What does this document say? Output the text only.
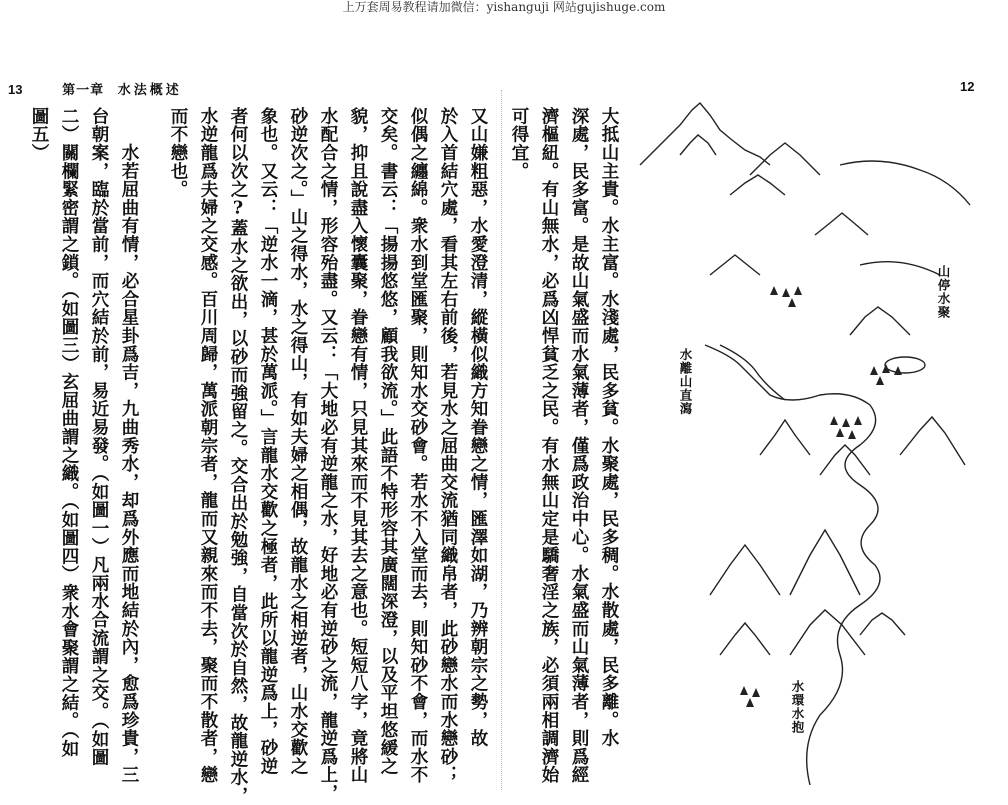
上万套周易教程请加微信：yishanguji 网站gujishuge.com
13	第一章 水法概述	12
又山嫌粗惡，水愛澄清，縱橫似織方知眷戀之情，匯澤如湖，乃辨朝宗之勢，故
於入首結穴處，看其左右前後，若見水之屈曲交流猶同織帛者，此砂戀水而水戀砂；
似偶之纏綿。衆水到堂匯聚，則知水交砂會。若水不入堂而去，則知砂不會，而水不
交矣。書云：「揚揚悠悠，顧我欲流。」此語不特形容其廣闊深澄，以及平坦悠緩之
貌，抑且說盡入懷囊聚，眷戀有情，只見其來而不見其去之意也。短短八字，竟將山
水配合之情，形容殆盡。又云：「大地必有逆龍之水，好地必有逆砂之流，龍逆爲上，
砂逆次之。」山之得水，水之得山，有如夫婦之相偶，故龍水之相逆者，山水交歡之
象也。又云：「逆水一滴，甚於萬派。」言龍水交歡之極者，此所以龍逆爲上，砂逆
者何以次之?蓋水之欲出，以砂而強留之。交合出於勉強，自當次於自然，故龍逆水，
水逆龍爲夫婦之交感。百川周歸，萬派朝宗者，龍而又親來而不去，聚而不散者，戀
而不戀也。
　　水若屈曲有情，必合星卦爲吉，九曲秀水，却爲外應而地結於內，愈爲珍貴，三
台朝案，臨於當前，而穴結於前，易近易發。（如圖一）凡兩水合流謂之交。（如圖
二）關欄緊密謂之鎖。（如圖三）玄屈曲謂之織。（如圖四）衆水會聚謂之結。（如
圖五）	大抵山主貴。水主富。水淺處，民多貧。水聚處，民多稠。水散處，民多離。水
深處，民多富。是故山氣盛而水氣薄者，僅爲政治中心。水氣盛而山氣薄者，則爲經
濟樞紐。有山無水，必爲凶悍貧乏之民。有水無山定是驕奢淫之族，必須兩相調濟始
可得宜。
山停水聚
水離山直瀉
水環水抱
